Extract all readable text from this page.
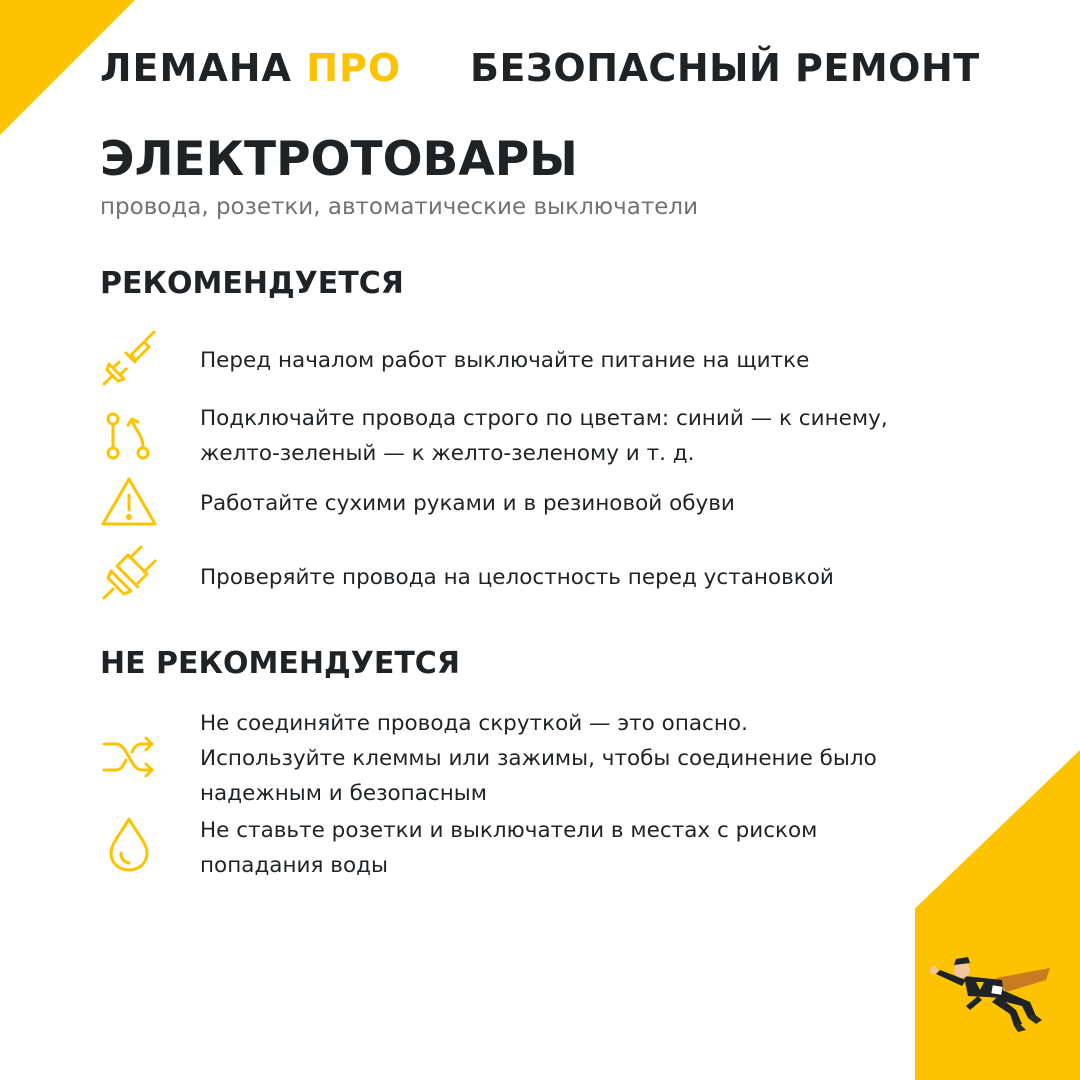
ЛЕМАНА ПРО БЕЗОПАСНЫЙ РЕМОНТ
ЭЛЕКТРОТОВАРЫ
провода, розетки, автоматические выключатели
РЕКОМЕНДУЕТСЯ
Перед началом работ выключайте питание на щитке
Подключайте провода строго по цветам: синий — к синему,
желто-зеленый — к желто-зеленому и т. д.
Работайте сухими руками и в резиновой обуви
Проверяйте провода на целостность перед установкой
НЕ РЕКОМЕНДУЕТСЯ
Не соединяйте провода скруткой — это опасно.
Используйте клеммы или зажимы, чтобы соединение было
надежным и безопасным
Не ставьте розетки и выключатели в местах с риском
попадания воды
